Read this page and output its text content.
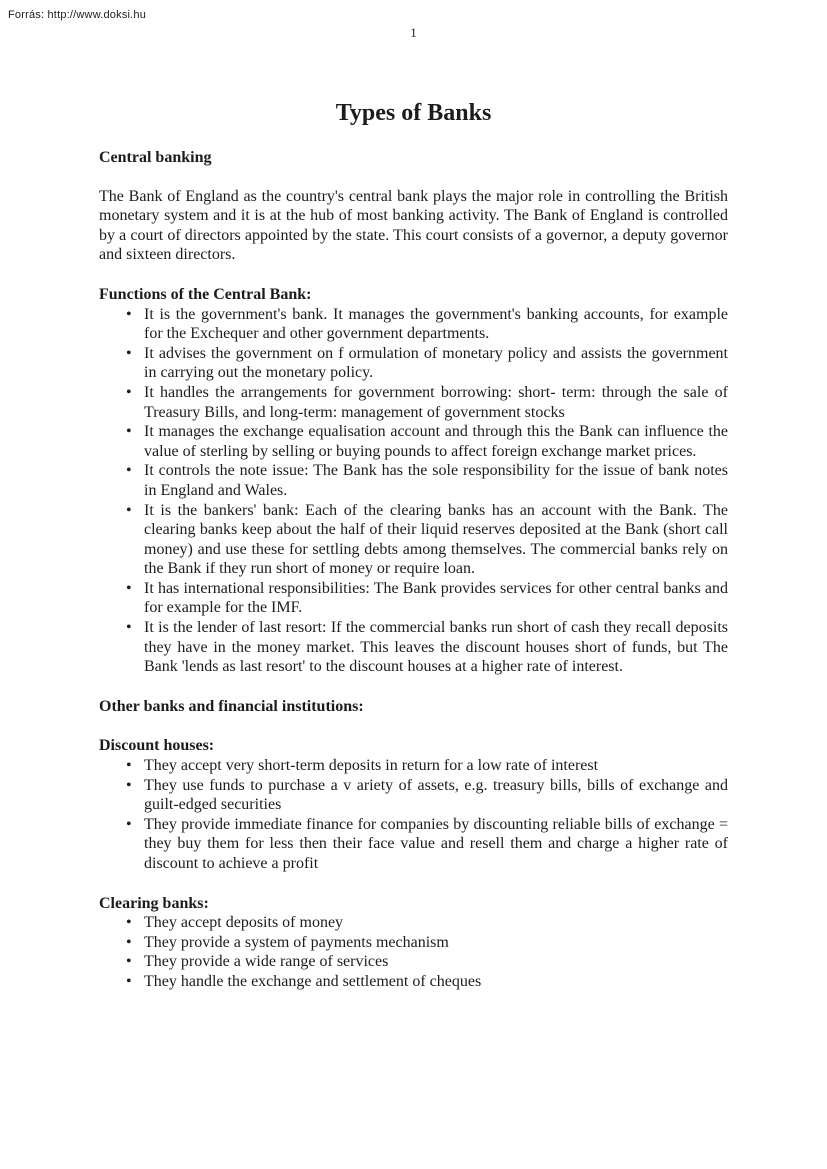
Forrás: http://www.doksi.hu
1
Types of Banks
Central banking

The Bank of England as the country's central bank plays the major role in controlling the British monetary system and it is at the hub of most banking activity. The Bank of England is controlled by a court of directors appointed by the state. This court consists of a governor, a deputy governor and sixteen directors.

Functions of the Central Bank:
• It is the government's bank. It manages the government's banking accounts, for example for the Exchequer and other government departments.
• It advises the government on f ormulation of monetary policy and assists the government in carrying out the monetary policy.
• It handles the arrangements for government borrowing: short- term: through the sale of Treasury Bills, and long-term: management of government stocks
• It manages the exchange equalisation account and through this the Bank can influence the value of sterling by selling or buying pounds to affect foreign exchange market prices.
• It controls the note issue: The Bank has the sole responsibility for the issue of bank notes in England and Wales.
• It is the bankers' bank: Each of the clearing banks has an account with the Bank. The clearing banks keep about the half of their liquid reserves deposited at the Bank (short call money) and use these for settling debts among themselves. The commercial banks rely on the Bank if they run short of money or require loan.
• It has international responsibilities: The Bank provides services for other central banks and for example for the IMF.
• It is the lender of last resort: If the commercial banks run short of cash they recall deposits they have in the money market. This leaves the discount houses short of funds, but The Bank 'lends as last resort' to the discount houses at a higher rate of interest.
Other banks and financial institutions:
Discount houses:
• They accept very short-term deposits in return for a low rate of interest
• They use funds to purchase a v ariety of assets, e.g. treasury bills, bills of exchange and guilt-edged securities
• They provide immediate finance for companies by discounting reliable bills of exchange = they buy them for less then their face value and resell them and charge a higher rate of discount to achieve a profit
Clearing banks:
• They accept deposits of money
• They provide a system of payments mechanism
• They provide a wide range of services
• They handle the exchange and settlement of cheques
